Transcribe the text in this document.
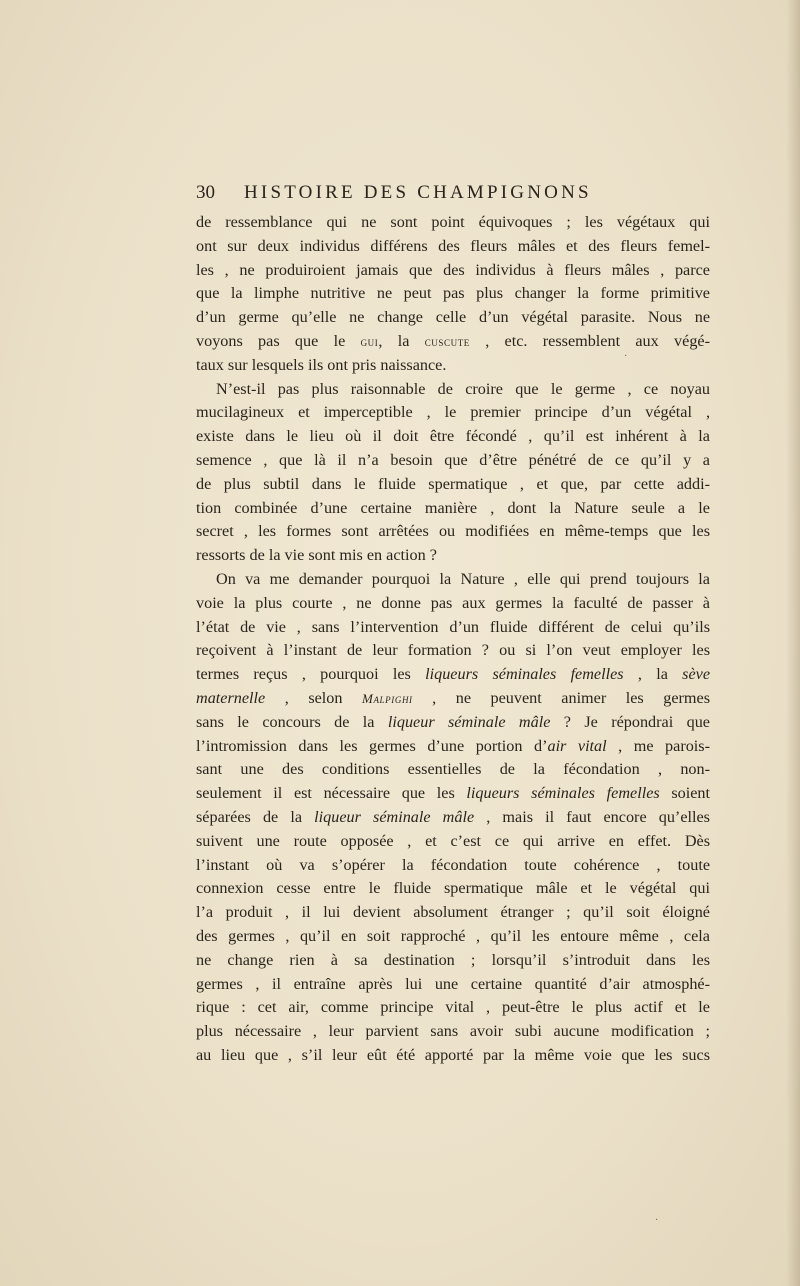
30	HISTOIRE DES CHAMPIGNONS
de ressemblance qui ne sont point équivoques ; les végétaux qui
ont sur deux individus différens des fleurs mâles et des fleurs femel-
les , ne produiroient jamais que des individus à fleurs mâles , parce
que la limphe nutritive ne peut pas plus changer la forme primitive
d’un germe qu’elle ne change celle d’un végétal parasite. Nous ne
voyons pas que le gui, la cuscute , etc. ressemblent aux végé-
taux sur lesquels ils ont pris naissance.
N’est-il pas plus raisonnable de croire que le germe , ce noyau
mucilagineux et imperceptible , le premier principe d’un végétal ,
existe dans le lieu où il doit être fécondé , qu’il est inhérent à la
semence , que là il n’a besoin que d’être pénétré de ce qu’il y a
de plus subtil dans le fluide spermatique , et que, par cette addi-
tion combinée d’une certaine manière , dont la Nature seule a le
secret , les formes sont arrêtées ou modifiées en même-temps que les
ressorts de la vie sont mis en action ?
On va me demander pourquoi la Nature , elle qui prend toujours la
voie la plus courte , ne donne pas aux germes la faculté de passer à
l’état de vie , sans l’intervention d’un fluide différent de celui qu’ils
reçoivent à l’instant de leur formation ? ou si l’on veut employer les
termes reçus , pourquoi les liqueurs séminales femelles , la sève
maternelle , selon Malpighi , ne peuvent animer les germes
sans le concours de la liqueur séminale mâle ? Je répondrai que
l’intromission dans les germes d’une portion d’air vital , me parois-
sant une des conditions essentielles de la fécondation , non-
seulement il est nécessaire que les liqueurs séminales femelles soient
séparées de la liqueur séminale mâle , mais il faut encore qu’elles
suivent une route opposée , et c’est ce qui arrive en effet. Dès
l’instant où va s’opérer la fécondation toute cohérence , toute
connexion cesse entre le fluide spermatique mâle et le végétal qui
l’a produit , il lui devient absolument étranger ; qu’il soit éloigné
des germes , qu’il en soit rapproché , qu’il les entoure même , cela
ne change rien à sa destination ; lorsqu’il s’introduit dans les
germes , il entraîne après lui une certaine quantité d’air atmosphé-
rique : cet air, comme principe vital , peut-être le plus actif et le
plus nécessaire , leur parvient sans avoir subi aucune modification ;
au lieu que , s’il leur eût été apporté par la même voie que les sucs
·
·
